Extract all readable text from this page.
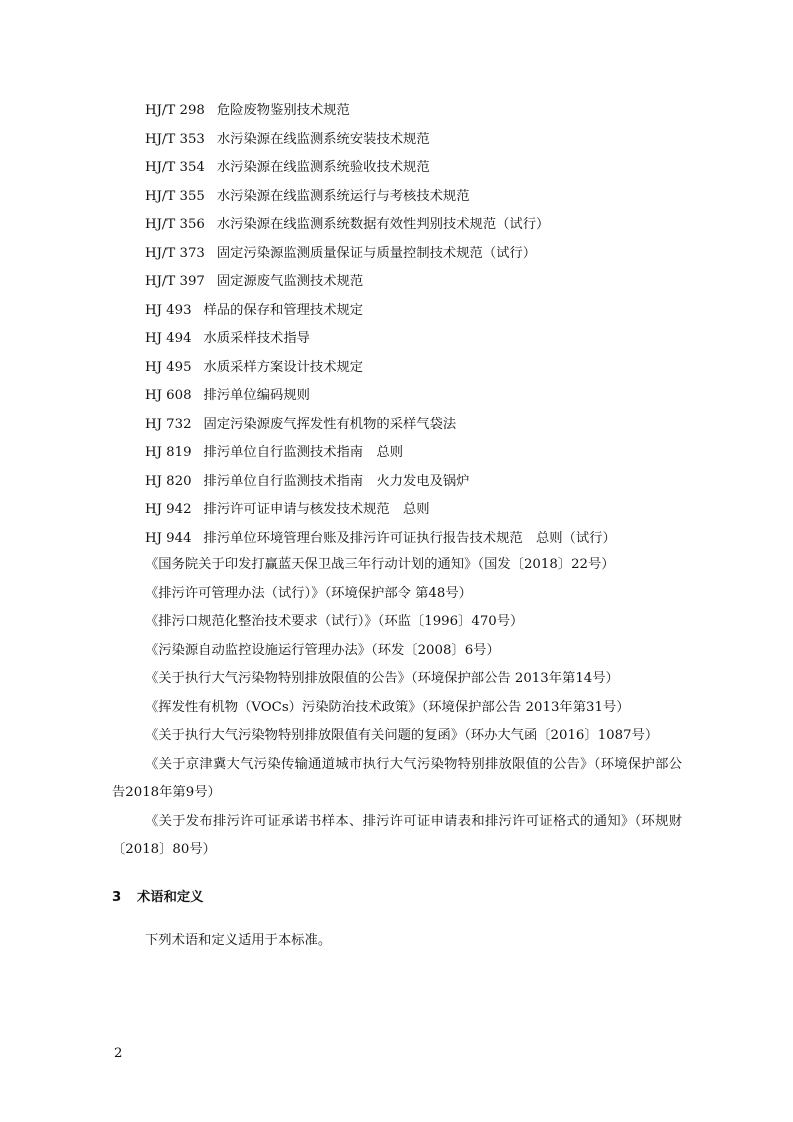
HJ/T 298 危险废物鉴别技术规范
HJ/T 353 水污染源在线监测系统安装技术规范
HJ/T 354 水污染源在线监测系统验收技术规范
HJ/T 355 水污染源在线监测系统运行与考核技术规范
HJ/T 356 水污染源在线监测系统数据有效性判别技术规范（试行）
HJ/T 373 固定污染源监测质量保证与质量控制技术规范（试行）
HJ/T 397 固定源废气监测技术规范
HJ 493 样品的保存和管理技术规定
HJ 494 水质采样技术指导
HJ 495 水质采样方案设计技术规定
HJ 608 排污单位编码规则
HJ 732 固定污染源废气挥发性有机物的采样气袋法
HJ 819 排污单位自行监测技术指南　总则
HJ 820 排污单位自行监测技术指南　火力发电及锅炉
HJ 942 排污许可证申请与核发技术规范　总则
HJ 944 排污单位环境管理台账及排污许可证执行报告技术规范　总则（试行）
《国务院关于印发打赢蓝天保卫战三年行动计划的通知》（国发〔2018〕22号）
《排污许可管理办法（试行）》（环境保护部令 第48号）
《排污口规范化整治技术要求（试行）》（环监〔1996〕470号）
《污染源自动监控设施运行管理办法》（环发〔2008〕6号）
《关于执行大气污染物特别排放限值的公告》（环境保护部公告 2013年第14号）
《挥发性有机物（VOCs）污染防治技术政策》（环境保护部公告 2013年第31号）
《关于执行大气污染物特别排放限值有关问题的复函》（环办大气函〔2016〕1087号）
《关于京津冀大气污染传输通道城市执行大气污染物特别排放限值的公告》（环境保护部公告2018年第9号）
《关于发布排污许可证承诺书样本、排污许可证申请表和排污许可证格式的通知》（环规财〔2018〕80号）
3 术语和定义
下列术语和定义适用于本标准。
2
